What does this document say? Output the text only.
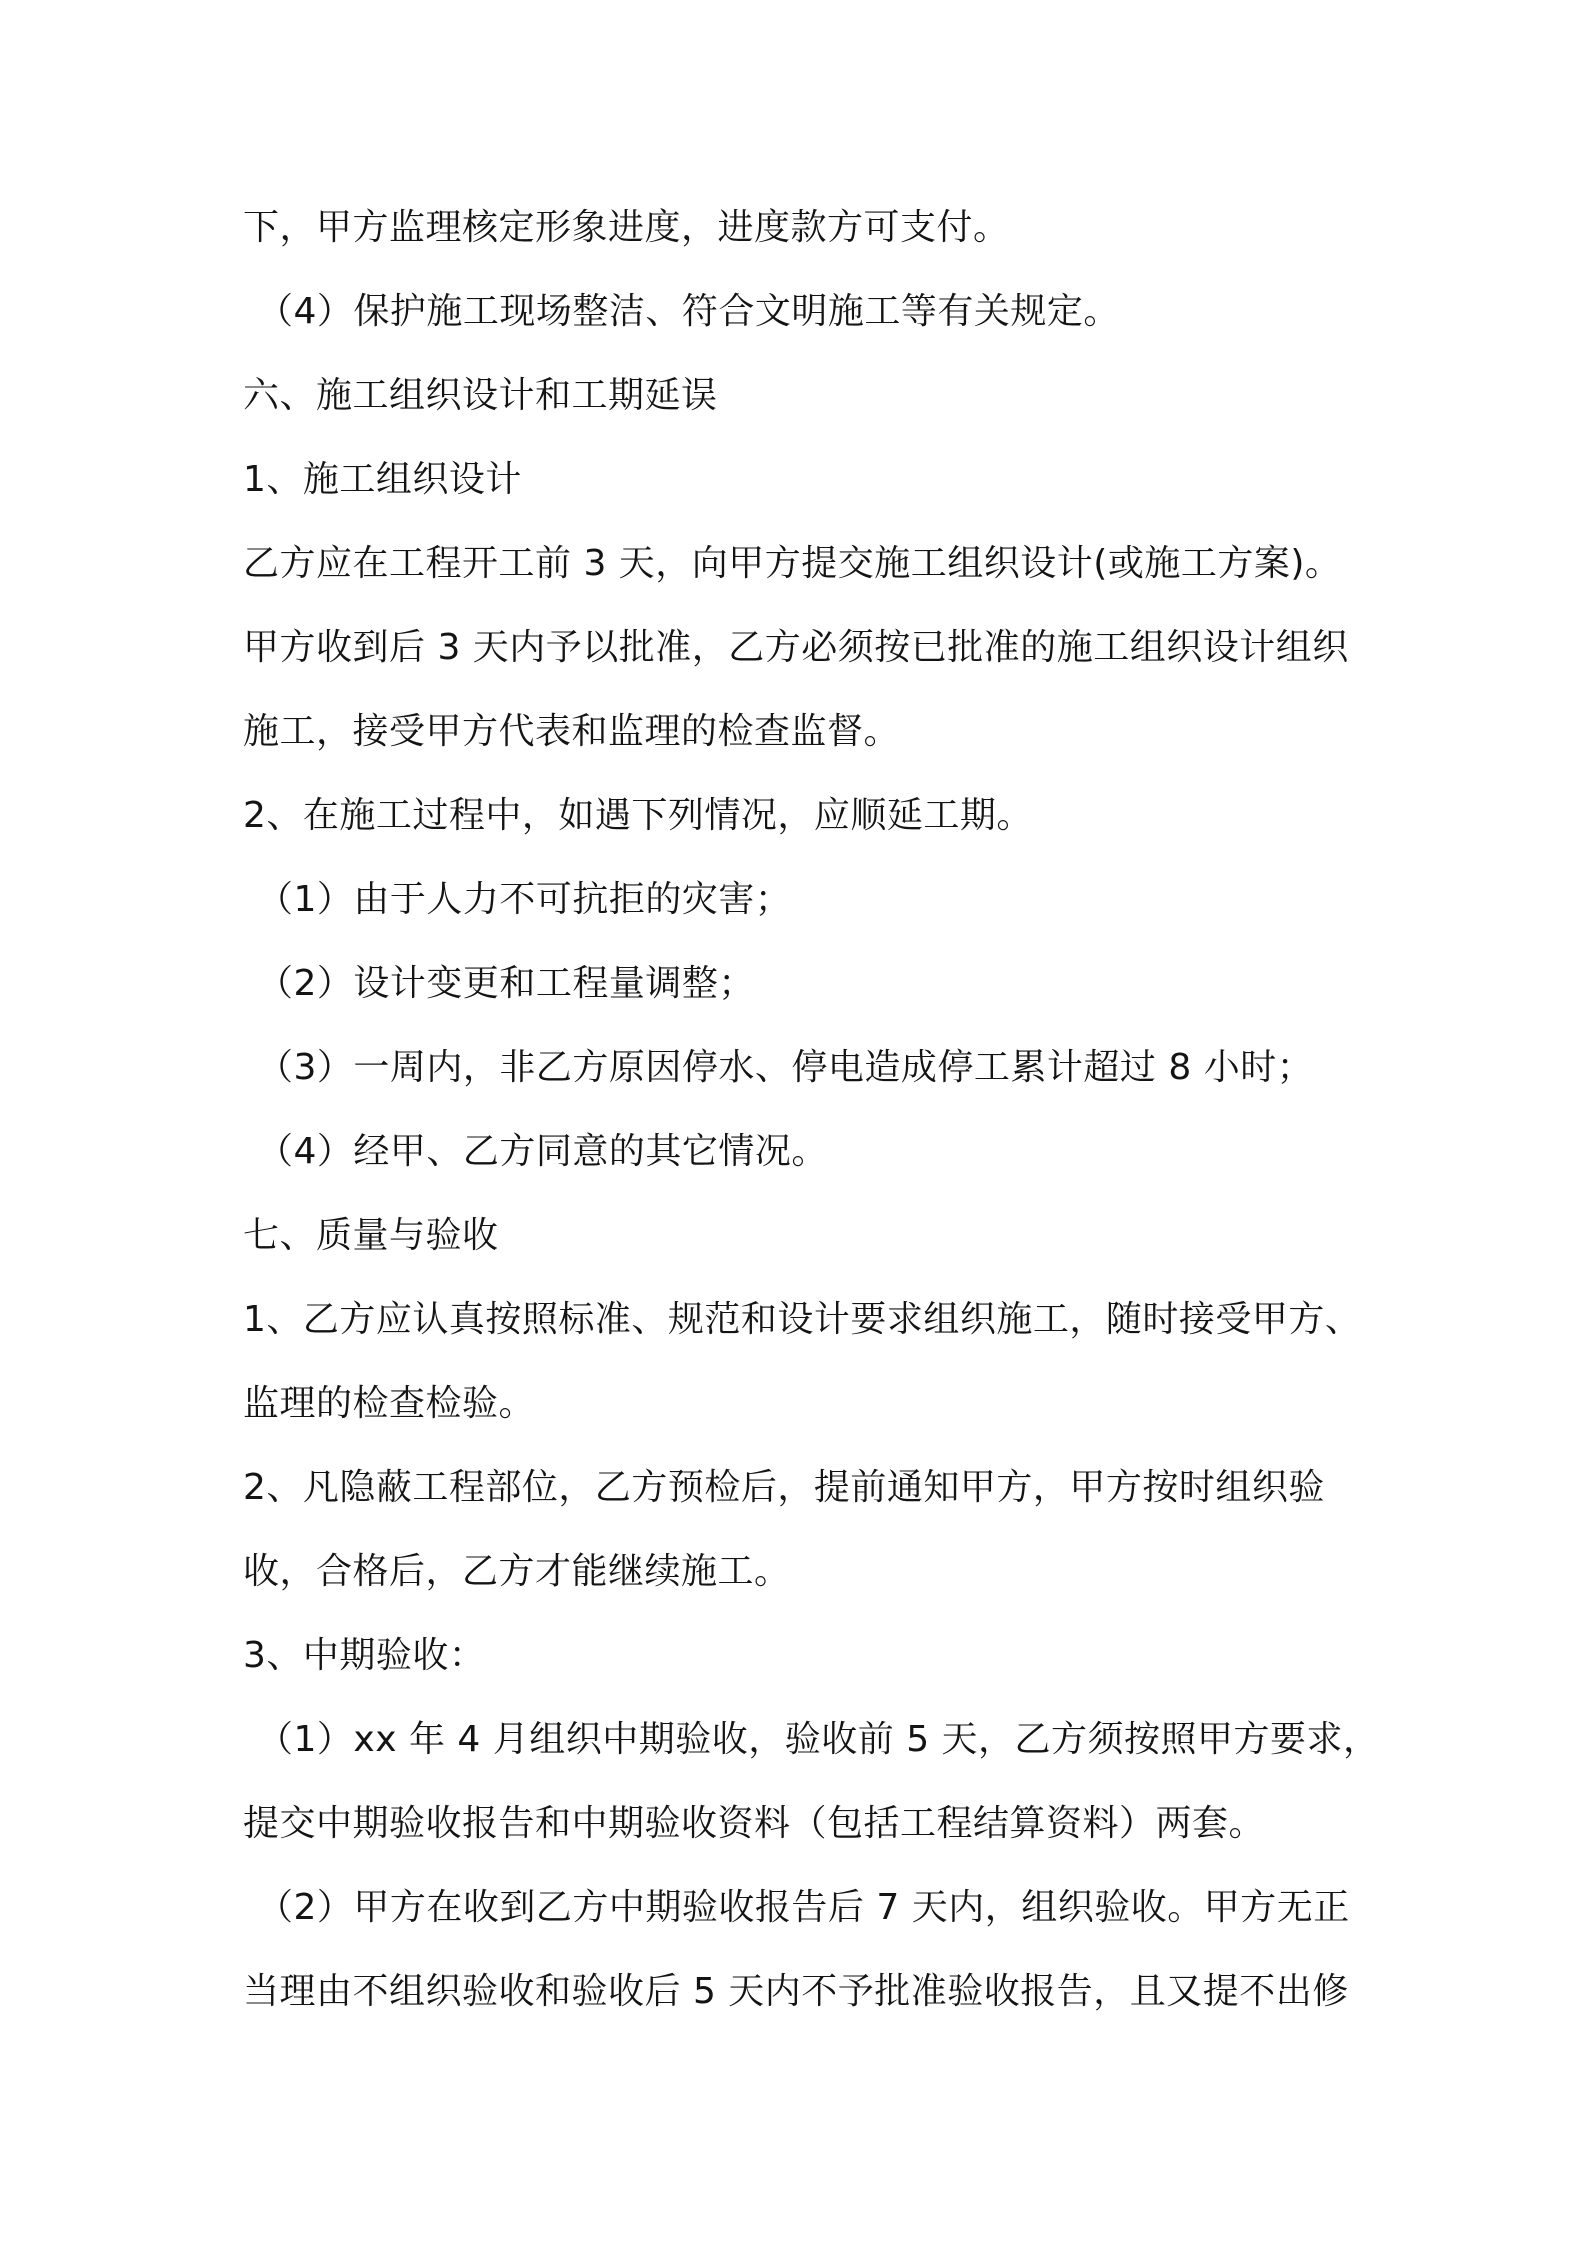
下，甲方监理核定形象进度，进度款方可支付。
（4）保护施工现场整洁、符合文明施工等有关规定。
六、施工组织设计和工期延误
1、施工组织设计
乙方应在工程开工前 3 天，向甲方提交施工组织设计(或施工方案)。
甲方收到后 3 天内予以批准，乙方必须按已批准的施工组织设计组织
施工，接受甲方代表和监理的检查监督。
2、在施工过程中，如遇下列情况，应顺延工期。
（1）由于人力不可抗拒的灾害；
（2）设计变更和工程量调整；
（3）一周内，非乙方原因停水、停电造成停工累计超过 8 小时；
（4）经甲、乙方同意的其它情况。
七、质量与验收
1、乙方应认真按照标准、规范和设计要求组织施工，随时接受甲方、
监理的检查检验。
2、凡隐蔽工程部位，乙方预检后，提前通知甲方，甲方按时组织验
收，合格后，乙方才能继续施工。
3、中期验收：
（1）xx 年 4 月组织中期验收，验收前 5 天，乙方须按照甲方要求，
提交中期验收报告和中期验收资料（包括工程结算资料）两套。
（2）甲方在收到乙方中期验收报告后 7 天内，组织验收。甲方无正
当理由不组织验收和验收后 5 天内不予批准验收报告，且又提不出修
